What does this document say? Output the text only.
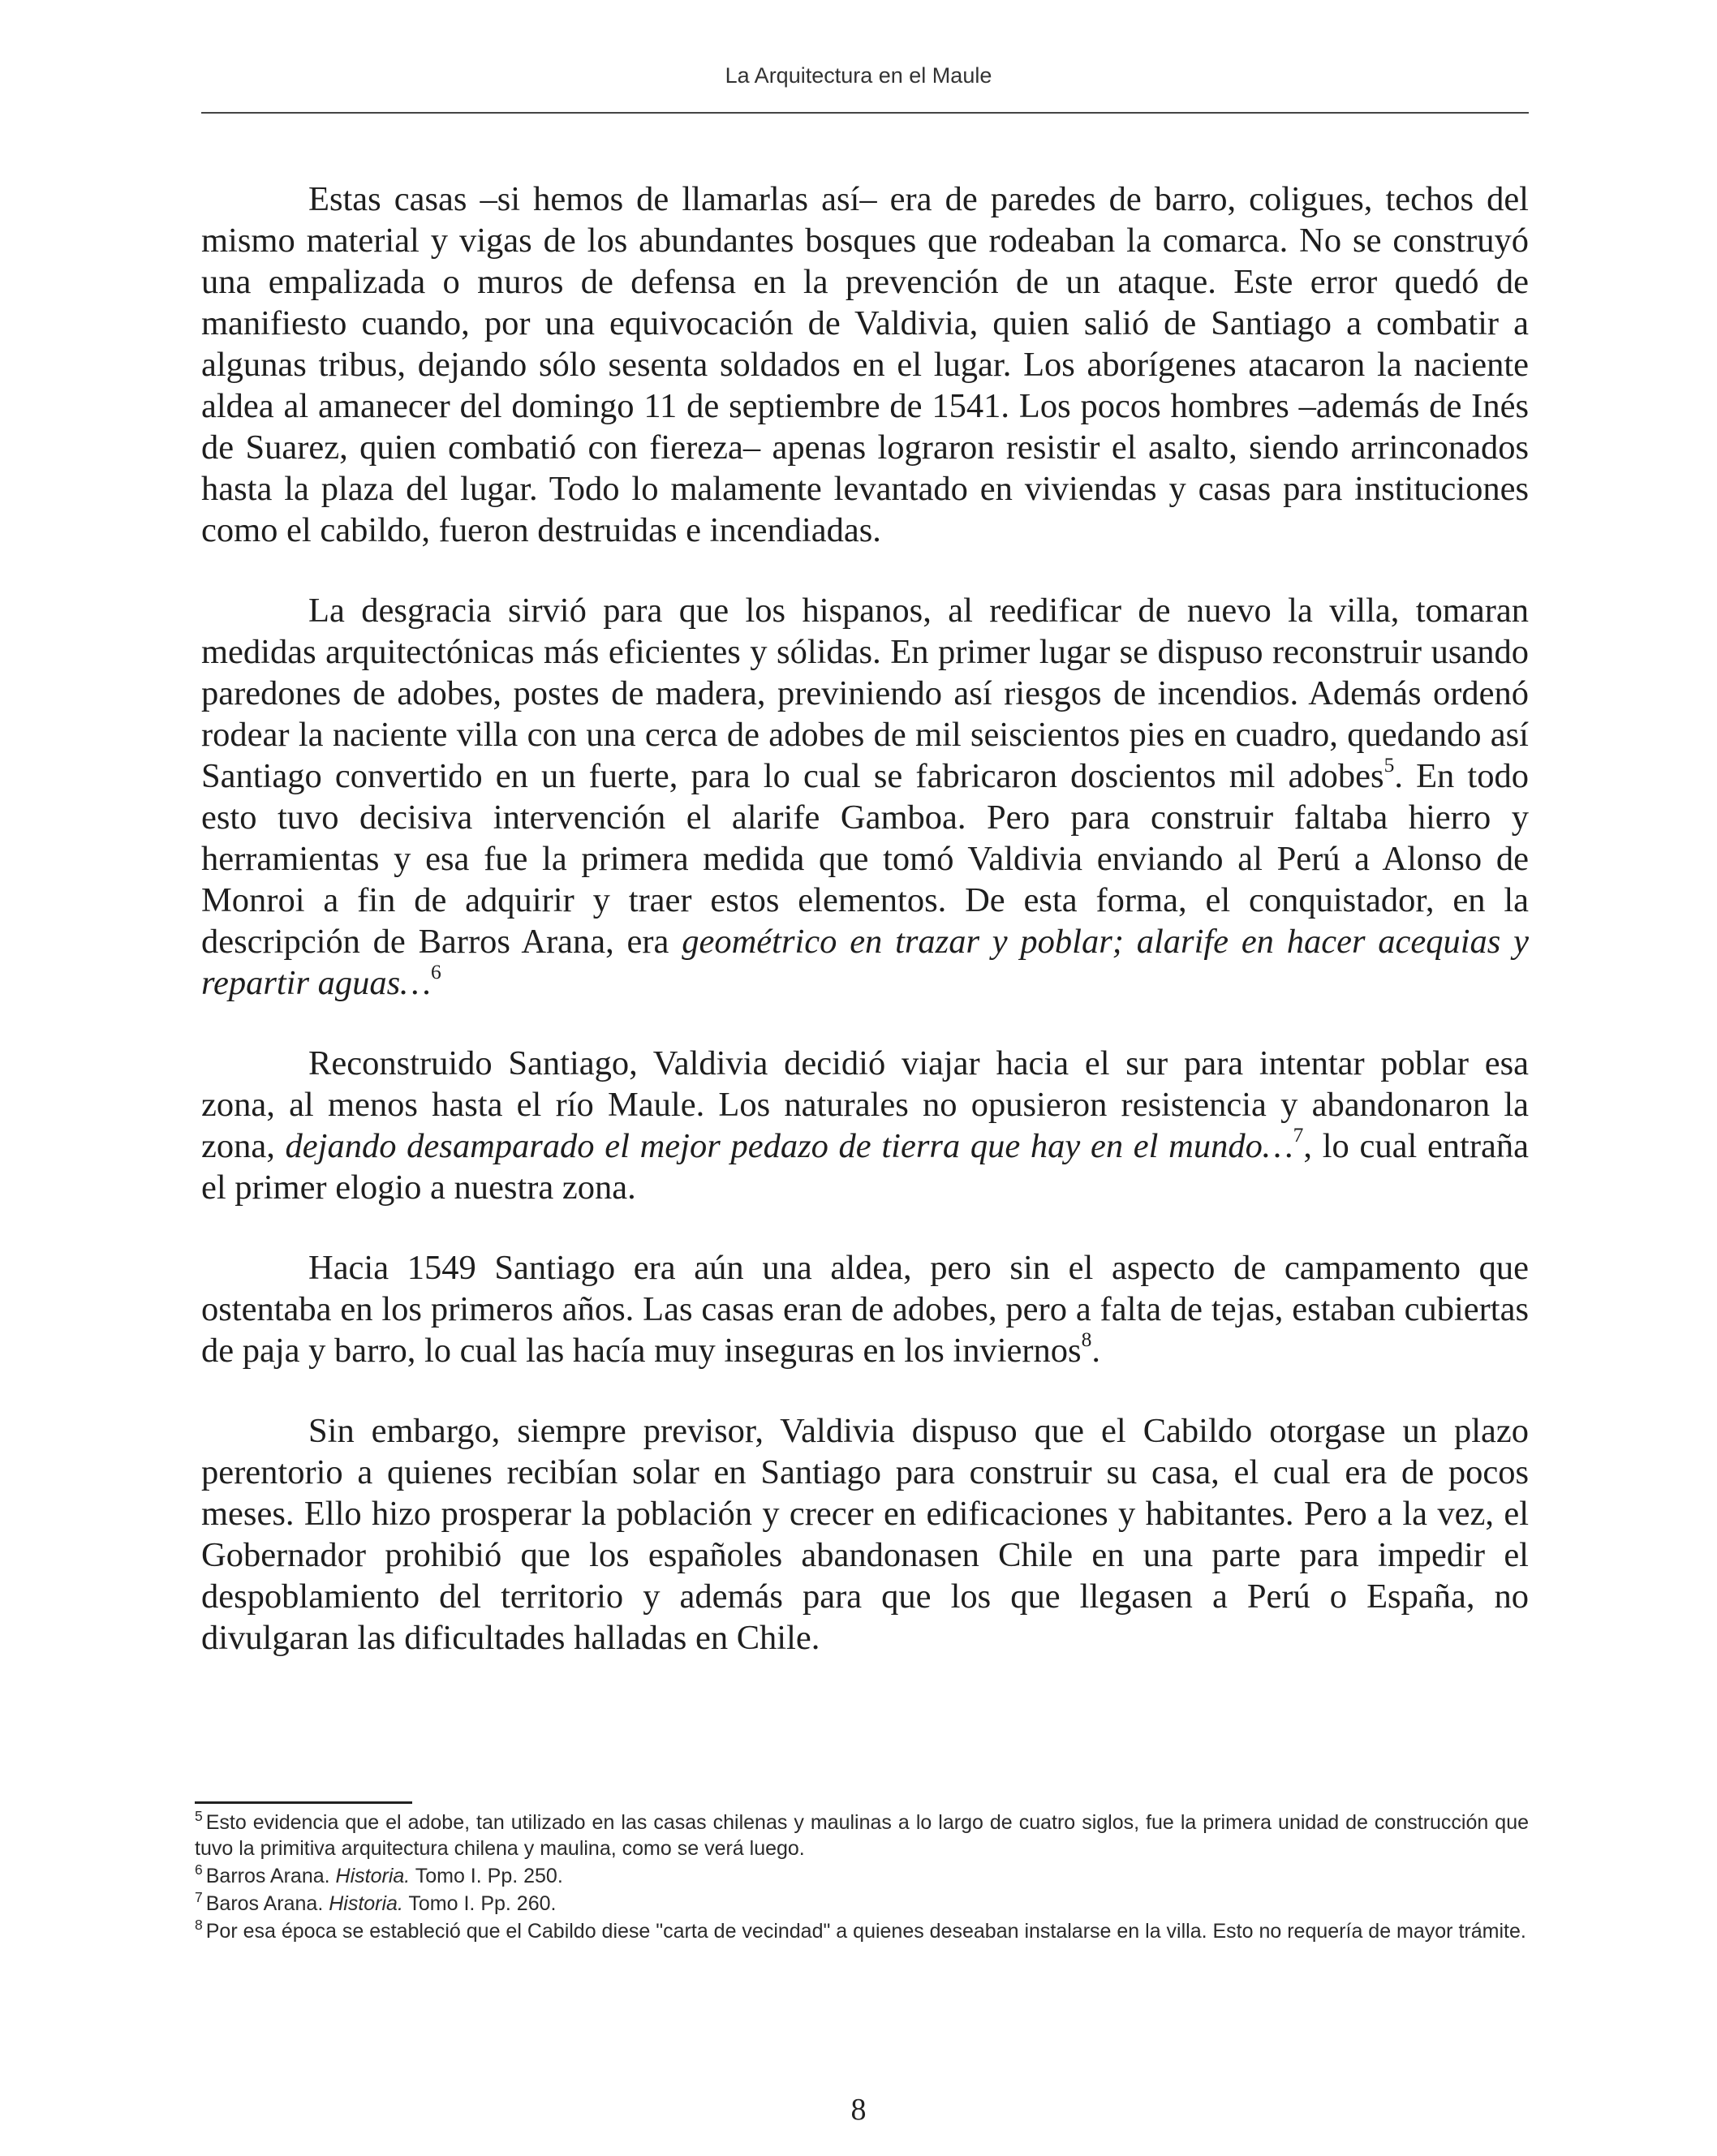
La Arquitectura en el Maule

Estas casas –si hemos de llamarlas así– era de paredes de barro, coligues, techos del mismo material y vigas de los abundantes bosques que rodeaban la comarca. No se construyó una empalizada o muros de defensa en la prevención de un ataque. Este error quedó de manifiesto cuando, por una equivocación de Valdivia, quien salió de Santiago a combatir a algunas tribus, dejando sólo sesenta soldados en el lugar. Los aborígenes atacaron la naciente aldea al amanecer del domingo 11 de septiembre de 1541. Los pocos hombres –además de Inés de Suarez, quien combatió con fiereza– apenas lograron resistir el asalto, siendo arrinconados hasta la plaza del lugar. Todo lo malamente levantado en viviendas y casas para instituciones como el cabildo, fueron destruidas e incendiadas.

La desgracia sirvió para que los hispanos, al reedificar de nuevo la villa, tomaran medidas arquitectónicas más eficientes y sólidas. En primer lugar se dispuso reconstruir usando paredones de adobes, postes de madera, previniendo así riesgos de incendios. Además ordenó rodear la naciente villa con una cerca de adobes de mil seiscientos pies en cuadro, quedando así Santiago convertido en un fuerte, para lo cual se fabricaron doscientos mil adobes$^5$. En todo esto tuvo decisiva intervención el alarife Gamboa. Pero para construir faltaba hierro y herramientas y esa fue la primera medida que tomó Valdivia enviando al Perú a Alonso de Monroi a fin de adquirir y traer estos elementos. De esta forma, el conquistador, en la descripción de Barros Arana, era geométrico en trazar y poblar; alarife en hacer acequias y repartir aguas…$^6$

Reconstruido Santiago, Valdivia decidió viajar hacia el sur para intentar poblar esa zona, al menos hasta el río Maule. Los naturales no opusieron resistencia y abandonaron la zona, dejando desamparado el mejor pedazo de tierra que hay en el mundo…$^7$, lo cual entraña el primer elogio a nuestra zona.

Hacia 1549 Santiago era aún una aldea, pero sin el aspecto de campamento que ostentaba en los primeros años. Las casas eran de adobes, pero a falta de tejas, estaban cubiertas de paja y barro, lo cual las hacía muy inseguras en los inviernos$^8$.

Sin embargo, siempre previsor, Valdivia dispuso que el Cabildo otorgase un plazo perentorio a quienes recibían solar en Santiago para construir su casa, el cual era de pocos meses. Ello hizo prosperar la población y crecer en edificaciones y habitantes. Pero a la vez, el Gobernador prohibió que los españoles abandonasen Chile en una parte para impedir el despoblamiento del territorio y además para que los que llegasen a Perú o España, no divulgaran las dificultades halladas en Chile.

$^5$ Esto evidencia que el adobe, tan utilizado en las casas chilenas y maulinas a lo largo de cuatro siglos, fue la primera unidad de construcción que tuvo la primitiva arquitectura chilena y maulina, como se verá luego.

$^6$ Barros Arana. Historia. Tomo I. Pp. 250.

$^7$ Baros Arana. Historia. Tomo I. Pp. 260.

$^8$ Por esa época se estableció que el Cabildo diese "carta de vecindad" a quienes deseaban instalarse en la villa. Esto no requería de mayor trámite.

8
